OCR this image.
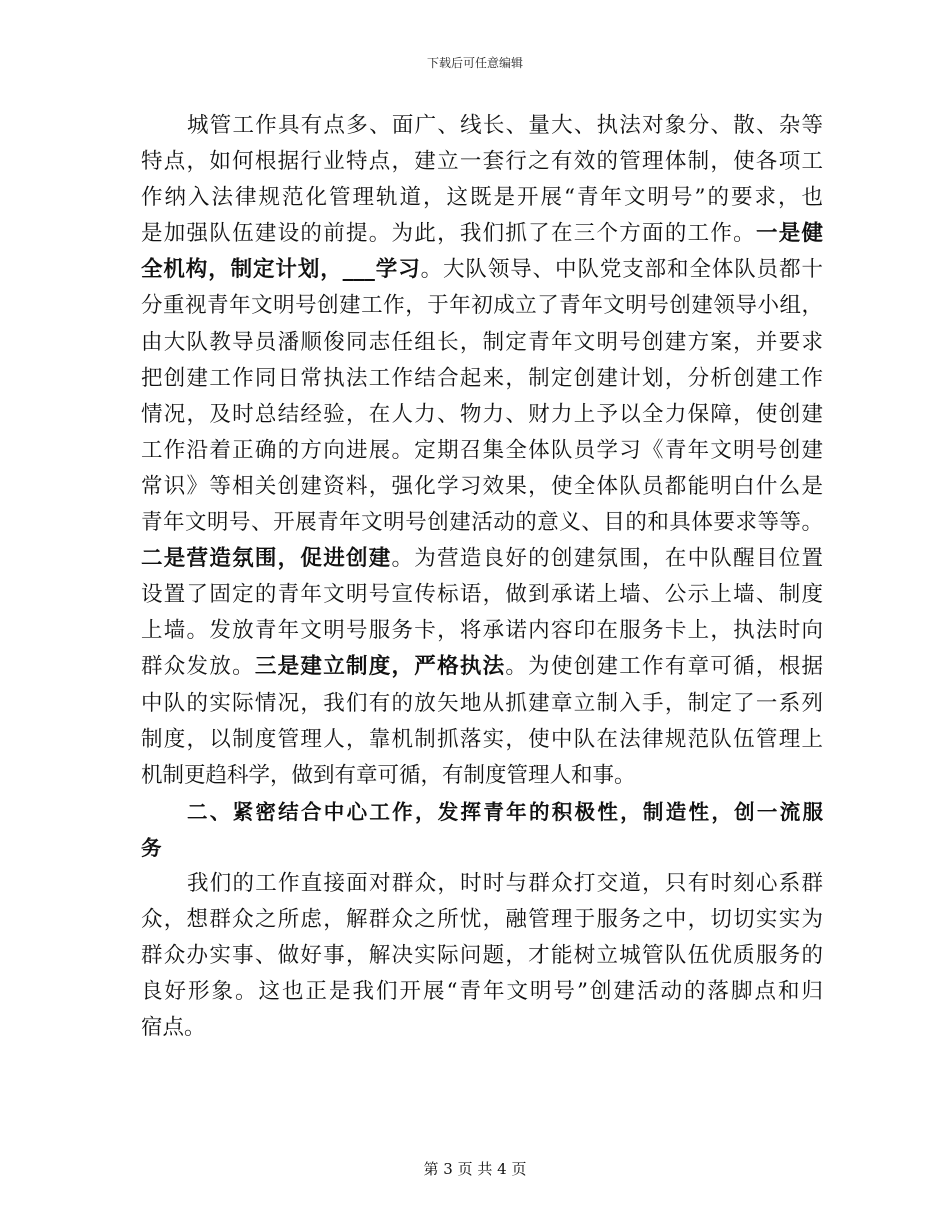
下载后可任意编辑
城管工作具有点多、面广、线长、量大、执法对象分、散、杂等
特点，如何根据行业特点，建立一套行之有效的管理体制，使各项工
作纳入法律规范化管理轨道，这既是开展“青年文明号”的要求，也
是加强队伍建设的前提。为此，我们抓了在三个方面的工作。一是健
全机构，制定计划，___学习。大队领导、中队党支部和全体队员都十
分重视青年文明号创建工作，于年初成立了青年文明号创建领导小组，
由大队教导员潘顺俊同志任组长，制定青年文明号创建方案，并要求
把创建工作同日常执法工作结合起来，制定创建计划，分析创建工作
情况，及时总结经验，在人力、物力、财力上予以全力保障，使创建
工作沿着正确的方向进展。定期召集全体队员学习《青年文明号创建
常识》等相关创建资料，强化学习效果，使全体队员都能明白什么是
青年文明号、开展青年文明号创建活动的意义、目的和具体要求等等。
二是营造氛围，促进创建。为营造良好的创建氛围，在中队醒目位置
设置了固定的青年文明号宣传标语，做到承诺上墙、公示上墙、制度
上墙。发放青年文明号服务卡，将承诺内容印在服务卡上，执法时向
群众发放。三是建立制度，严格执法。为使创建工作有章可循，根据
中队的实际情况，我们有的放矢地从抓建章立制入手，制定了一系列
制度，以制度管理人，靠机制抓落实，使中队在法律规范队伍管理上
机制更趋科学，做到有章可循，有制度管理人和事。
二、紧密结合中心工作，发挥青年的积极性，制造性，创一流服
务
我们的工作直接面对群众，时时与群众打交道，只有时刻心系群
众，想群众之所虑，解群众之所忧，融管理于服务之中，切切实实为
群众办实事、做好事，解决实际问题，才能树立城管队伍优质服务的
良好形象。这也正是我们开展“青年文明号”创建活动的落脚点和归
宿点。
第 3 页 共 4 页
